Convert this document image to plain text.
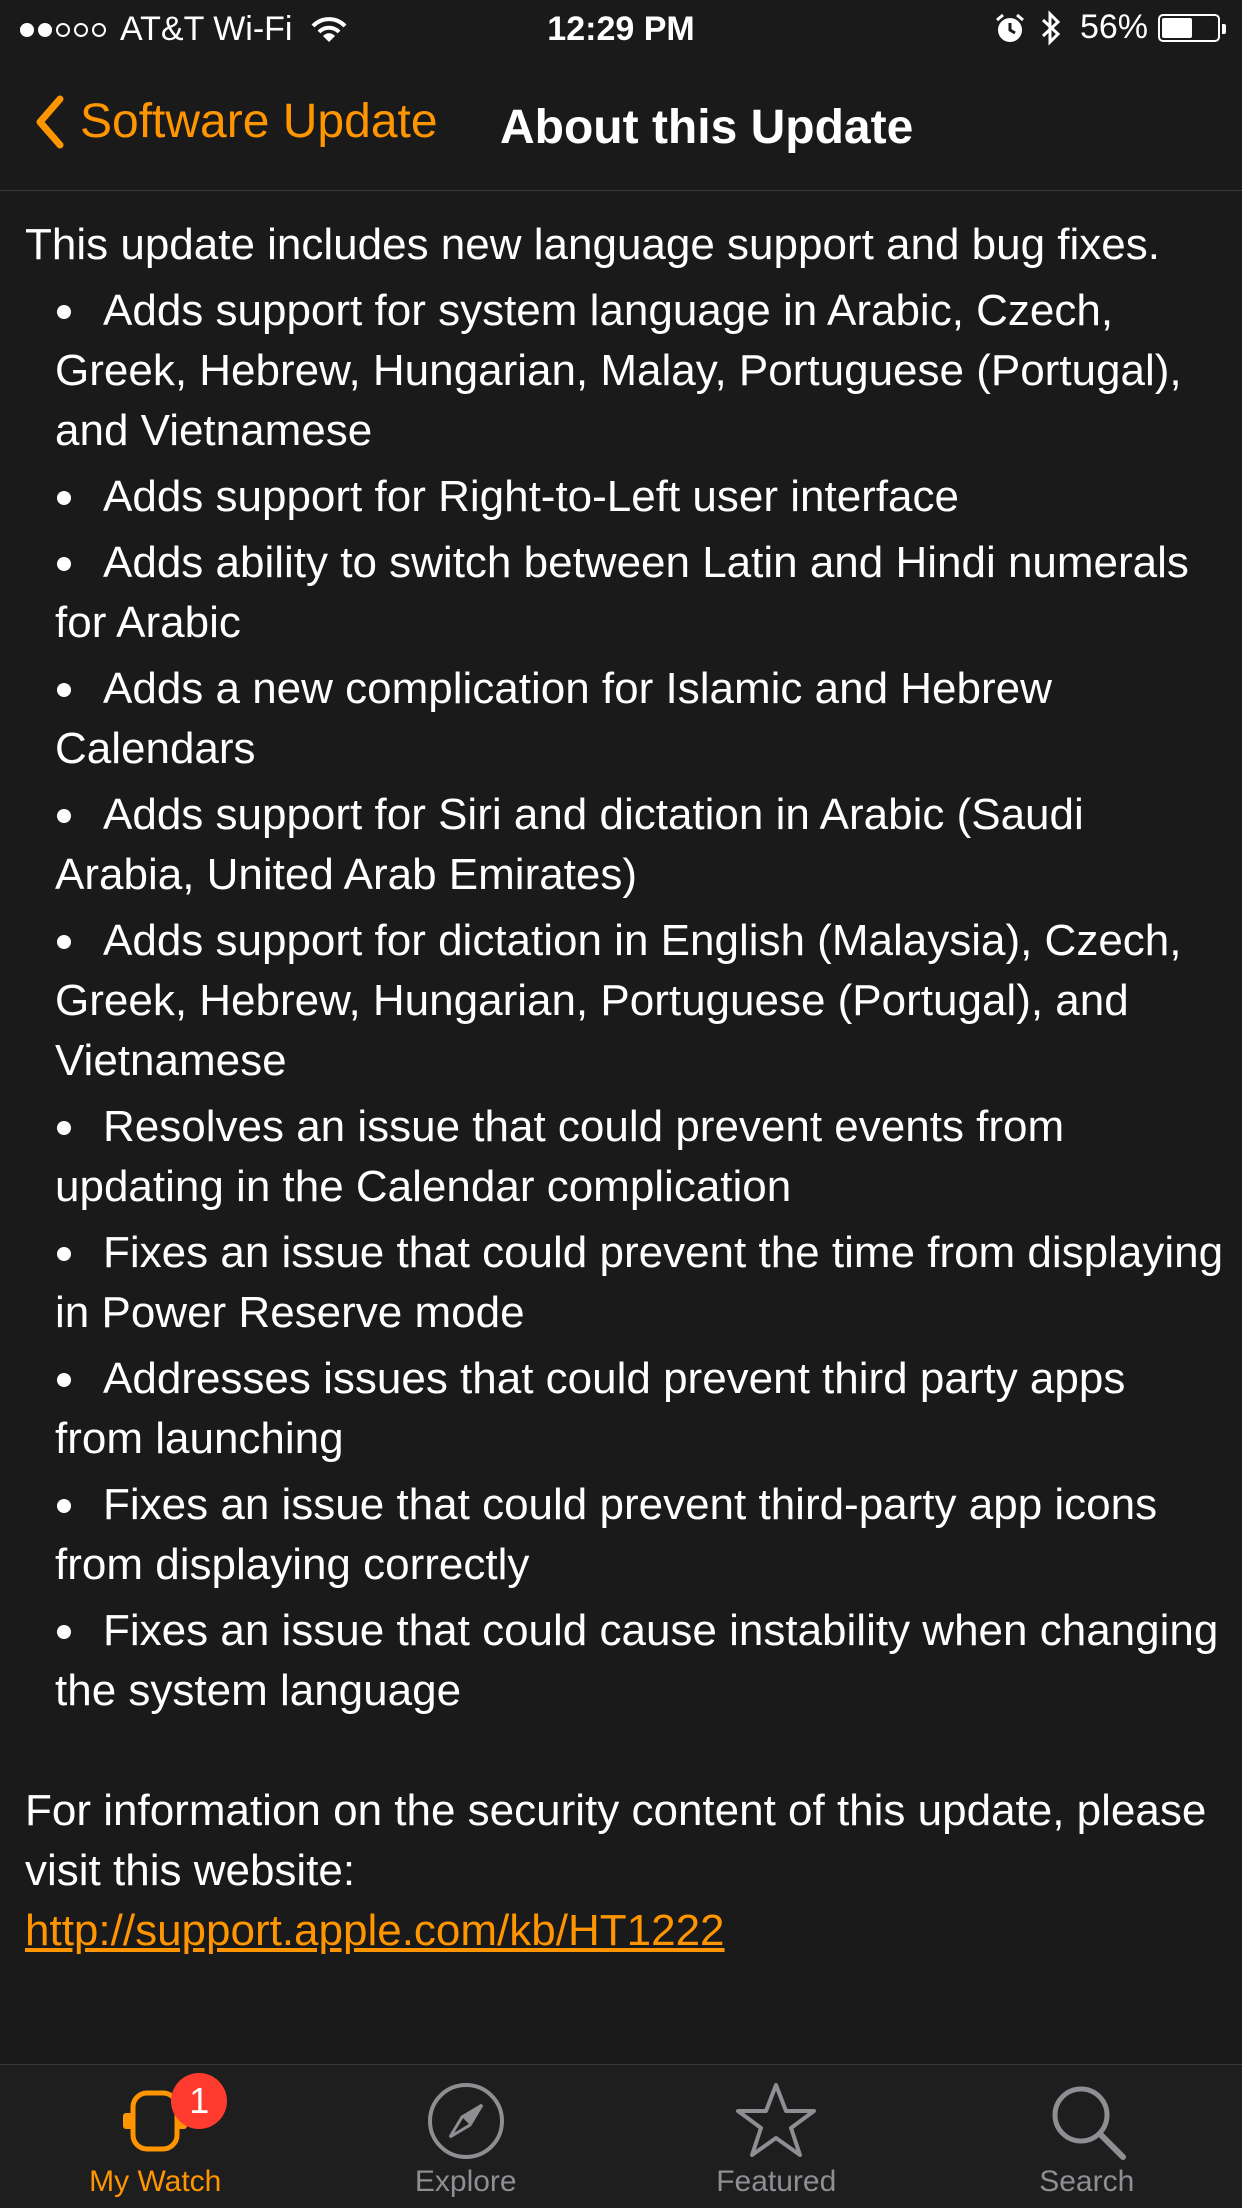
AT&T Wi-Fi	12:29 PM	56%
Software Update About this Update

This update includes new language support and bug fixes.

Adds support for system language in Arabic, Czech, Greek, Hebrew, Hungarian, Malay, Portuguese (Portugal), and Vietnamese
Adds support for Right-to-Left user interface
Adds ability to switch between Latin and Hindi numerals for Arabic
Adds a new complication for Islamic and Hebrew Calendars
Adds support for Siri and dictation in Arabic (Saudi Arabia, United Arab Emirates)
Adds support for dictation in English (Malaysia), Czech, Greek, Hebrew, Hungarian, Portuguese (Portugal), and Vietnamese
Resolves an issue that could prevent events from updating in the Calendar complication
Fixes an issue that could prevent the time from displaying in Power Reserve mode
Addresses issues that could prevent third party apps from launching
Fixes an issue that could prevent third-party app icons from displaying correctly
Fixes an issue that could cause instability when changing the system language

For information on the security content of this update, please visit this website:
http://support.apple.com/kb/HT1222

1
My Watch	Explore	Featured	Search
